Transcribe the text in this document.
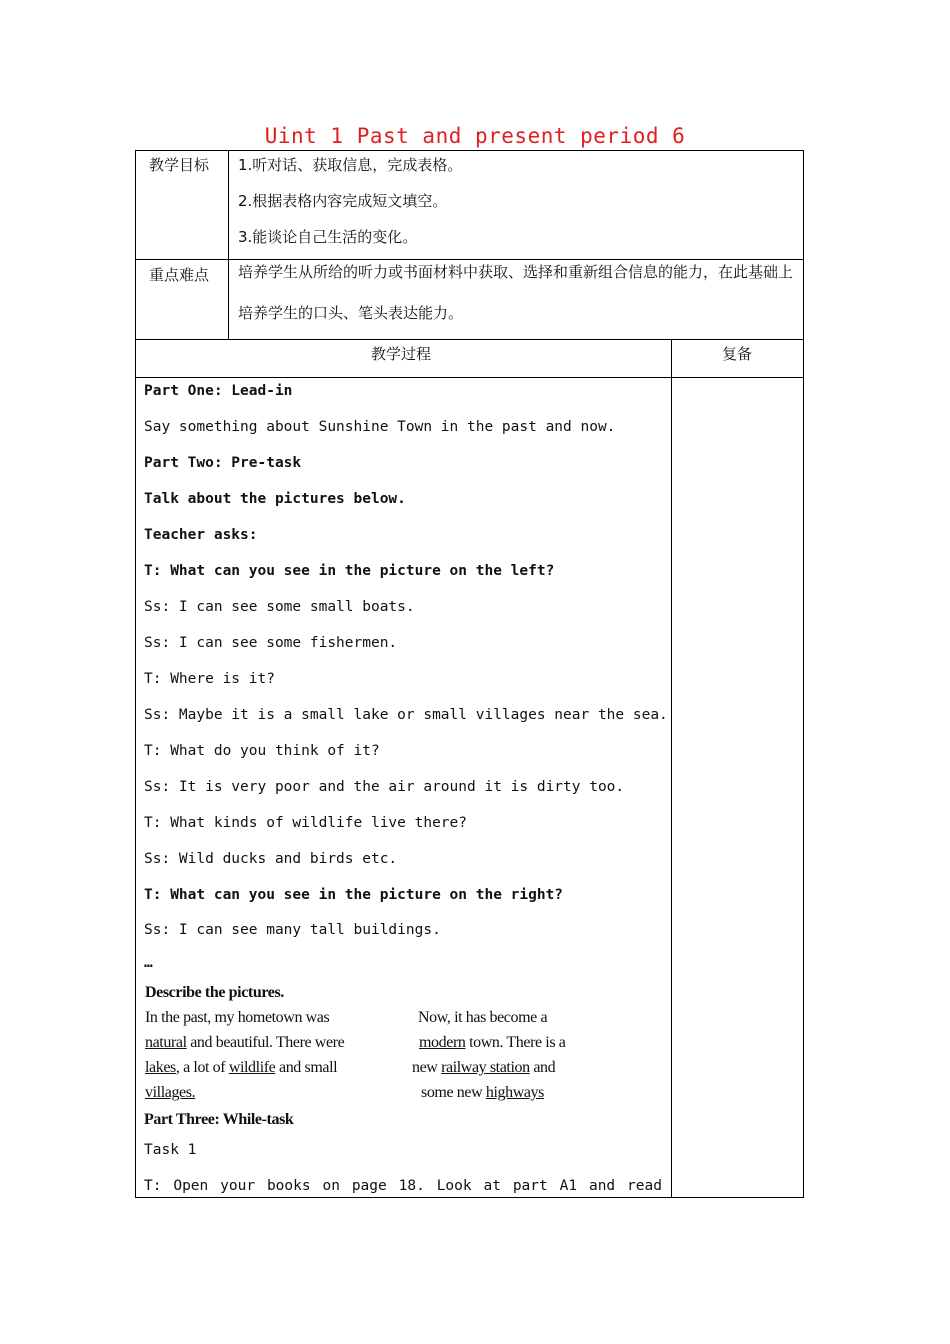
Uint 1 Past and present period 6
教学目标 1.听对话、获取信息，完成表格。
2.根据表格内容完成短文填空。
3.能谈论自己生活的变化。
重点难点 培养学生从所给的听力或书面材料中获取、选择和重新组合信息的能力，在此基础上培养学生的口头、笔头表达能力。
教学过程	复备
Part One: Lead-in
Say something about Sunshine Town in the past and now.
Part Two: Pre-task
Talk about the pictures below.
Teacher asks:
T: What can you see in the picture on the left?
Ss: I can see some small boats.
Ss: I can see some fishermen.
T: Where is it?
Ss: Maybe it is a small lake or small villages near the sea.
T: What do you think of it?
Ss: It is very poor and the air around it is dirty too.
T: What kinds of wildlife live there?
Ss: Wild ducks and birds etc.
T: What can you see in the picture on the right?
Ss: I can see many tall buildings.
…
Describe the pictures.
In the past, my hometown was
natural and beautiful. There were
lakes, a lot of wildlife and small
villages.
Now, it has become a
modern town. There is a
new railway station and
some new highways
Part Three: While-task
Task 1
T: Open your books on page 18. Look at part A1 and read
